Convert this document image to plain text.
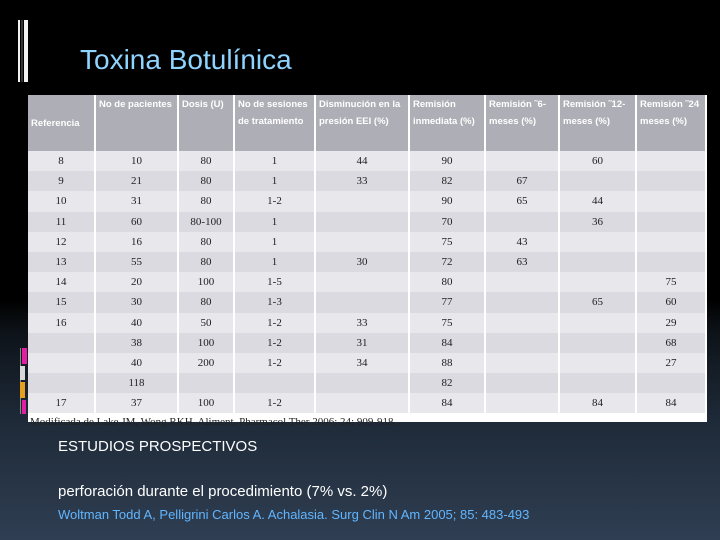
Toxina Botulínica
Referencia	No de pacientes	Dosis (U)	No de sesiones de tratamiento	Disminución en la presión EEI (%)	Remisión inmediata (%)	Remisión ˜6-meses (%)	Remisión ˜12-meses (%)	Remisión ˜24 meses (%)
8	10	80	1	44	90		60	
9	21	80	1	33	82	67		
10	31	80	1-2		90	65	44	
11	60	80-100	1		70		36	
12	16	80	1		75	43		
13	55	80	1	30	72	63		
14	20	100	1-5		80			75
15	30	80	1-3		77		65	60
16	40	50	1-2	33	75			29
	38	100	1-2	31	84			68
	40	200	1-2	34	88			27
	118				82			
17	37	100	1-2		84		84	84
Modificada de Lake JM, Wong RKH. Aliment. Pharmacol Ther 2006; 24: 909-918.

ESTUDIOS PROSPECTIVOS

perforación durante el procedimiento (7% vs. 2%)

Woltman Todd A, Pelligrini Carlos A. Achalasia. Surg Clin N Am 2005; 85: 483-493
